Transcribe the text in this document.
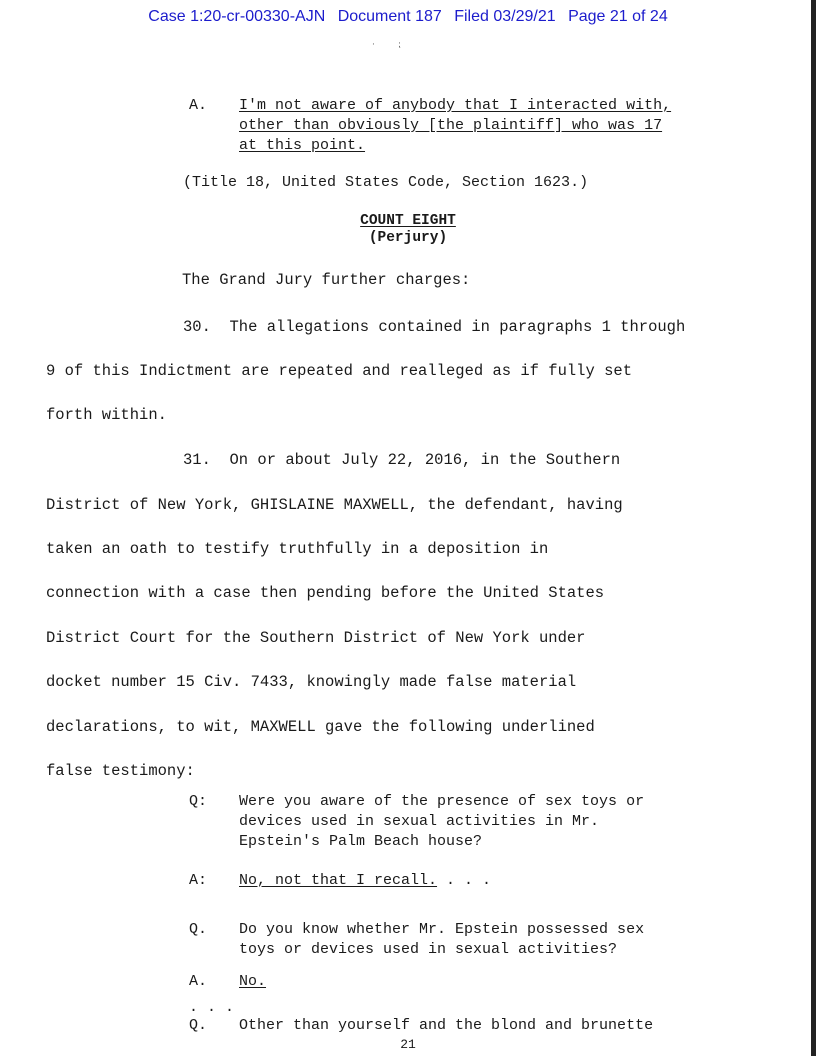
Case 1:20-cr-00330-AJN Document 187 Filed 03/29/21 Page 21 of 24
·        ⁏
A. I'm not aware of anybody that I interacted with,
other than obviously [the plaintiff] who was 17
at this point.
(Title 18, United States Code, Section 1623.)
COUNT EIGHT
(Perjury)
The Grand Jury further charges:
30.  The allegations contained in paragraphs 1 through
9 of this Indictment are repeated and realleged as if fully set
forth within.
31.  On or about July 22, 2016, in the Southern
District of New York, GHISLAINE MAXWELL, the defendant, having
taken an oath to testify truthfully in a deposition in
connection with a case then pending before the United States
District Court for the Southern District of New York under
docket number 15 Civ. 7433, knowingly made false material
declarations, to wit, MAXWELL gave the following underlined
false testimony:
Q: Were you aware of the presence of sex toys or
devices used in sexual activities in Mr.
Epstein's Palm Beach house?
A: No, not that I recall. . . .
Q. Do you know whether Mr. Epstein possessed sex
toys or devices used in sexual activities?
A. No.
21
. . .
Q. Other than yourself and the blond and brunette
